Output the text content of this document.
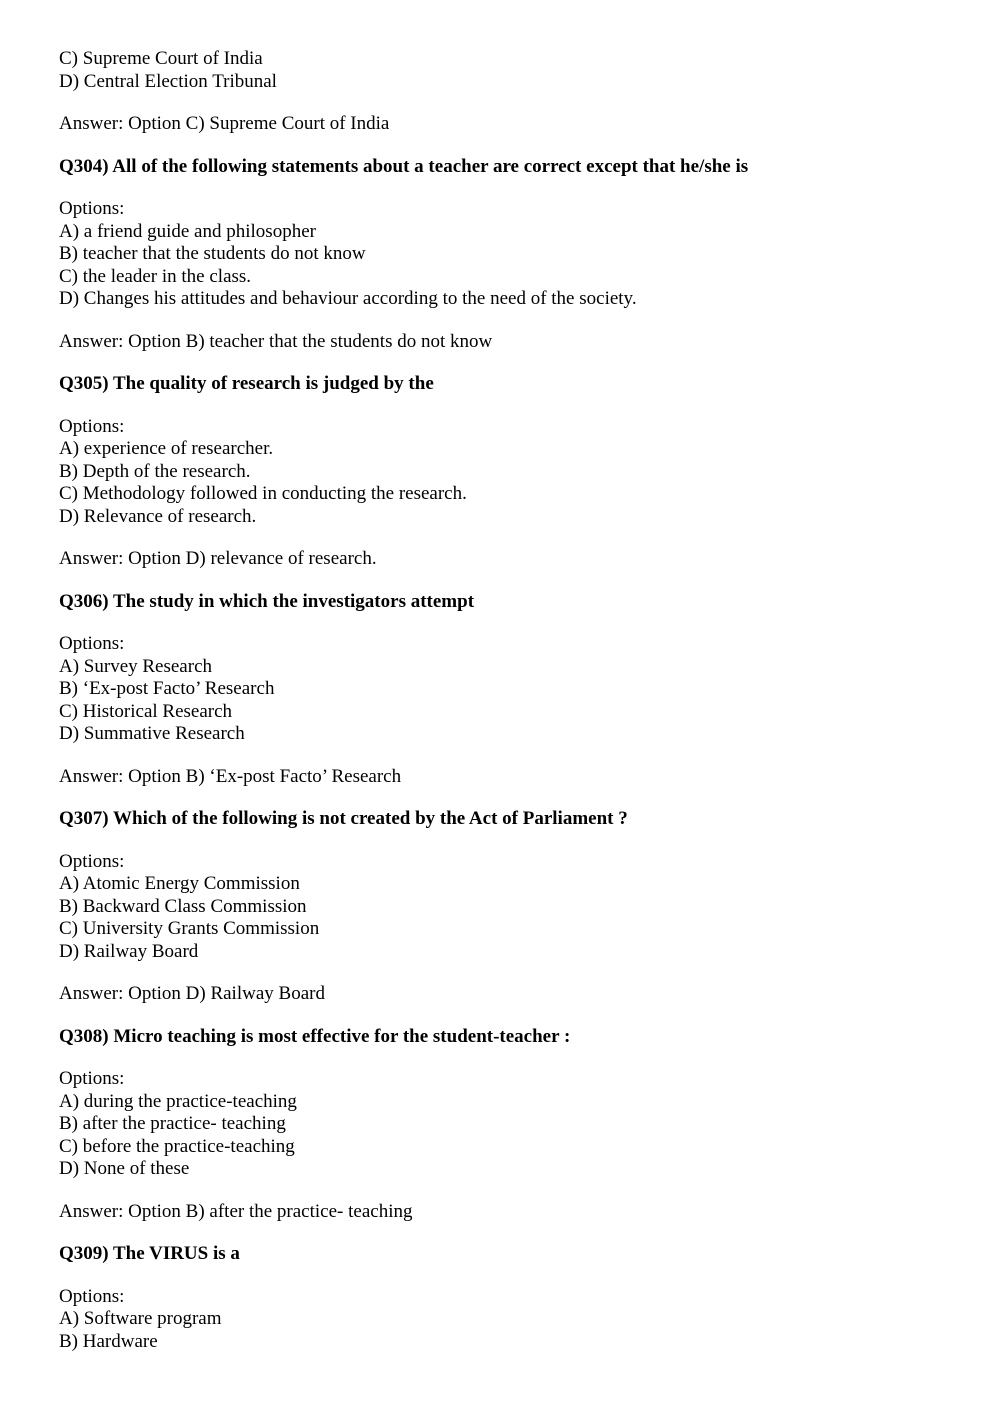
C) Supreme Court of India
D) Central Election Tribunal
Answer: Option C) Supreme Court of India
Q304) All of the following statements about a teacher are correct except that he/she is
Options:
A) a friend guide and philosopher
B) teacher that the students do not know
C) the leader in the class.
D) Changes his attitudes and behaviour according to the need of the society.
Answer: Option B) teacher that the students do not know
Q305) The quality of research is judged by the
Options:
A) experience of researcher.
B) Depth of the research.
C) Methodology followed in conducting the research.
D) Relevance of research.
Answer: Option D) relevance of research.
Q306) The study in which the investigators attempt
Options:
A) Survey Research
B) ‘Ex-post Facto’ Research
C) Historical Research
D) Summative Research
Answer: Option B) ‘Ex-post Facto’ Research
Q307) Which of the following is not created by the Act of Parliament ?
Options:
A) Atomic Energy Commission
B) Backward Class Commission
C) University Grants Commission
D) Railway Board
Answer: Option D) Railway Board
Q308) Micro teaching is most effective for the student-teacher :
Options:
A) during the practice-teaching
B) after the practice- teaching
C) before the practice-teaching
D) None of these
Answer: Option B) after the practice- teaching
Q309) The VIRUS is a
Options:
A) Software program
B) Hardware
